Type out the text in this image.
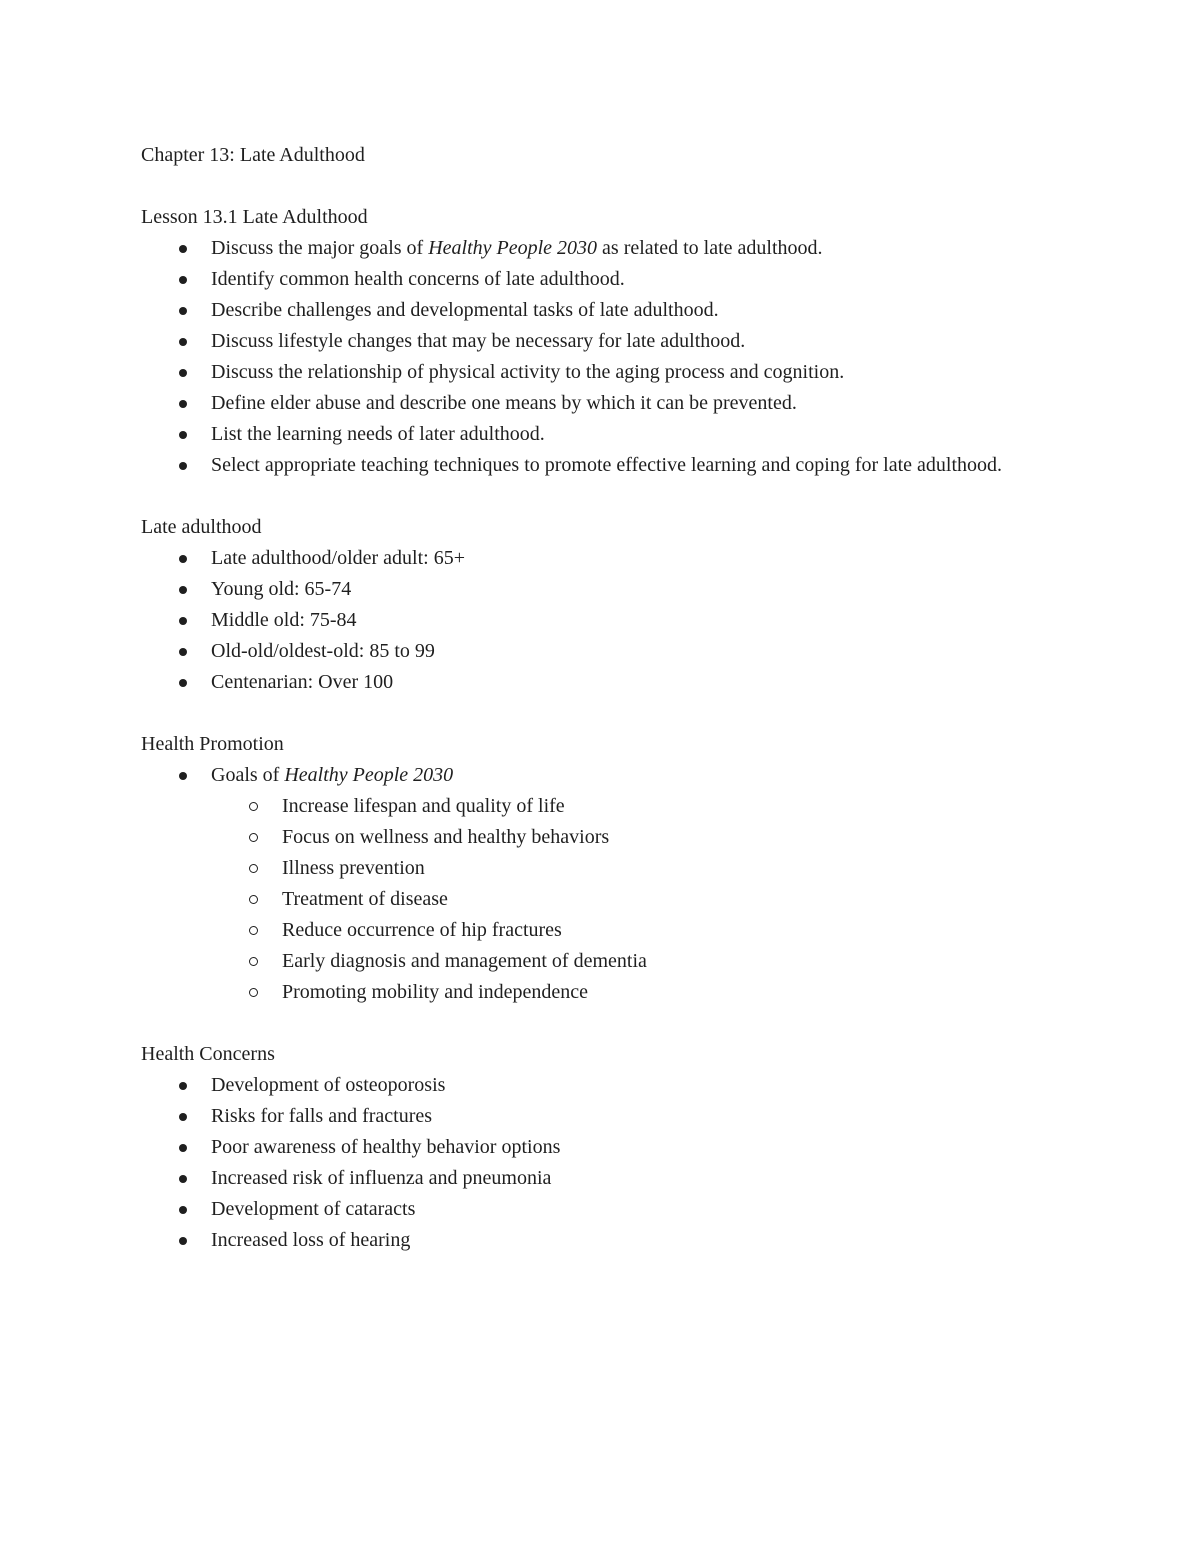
Chapter 13: Late Adulthood
Lesson 13.1 Late Adulthood
Discuss the major goals of Healthy People 2030 as related to late adulthood.
Identify common health concerns of late adulthood.
Describe challenges and developmental tasks of late adulthood.
Discuss lifestyle changes that may be necessary for late adulthood.
Discuss the relationship of physical activity to the aging process and cognition.
Define elder abuse and describe one means by which it can be prevented.
List the learning needs of later adulthood.
Select appropriate teaching techniques to promote effective learning and coping for late adulthood.
Late adulthood
Late adulthood/older adult: 65+
Young old: 65-74
Middle old: 75-84
Old-old/oldest-old: 85 to 99
Centenarian: Over 100
Health Promotion
Goals of Healthy People 2030
Increase lifespan and quality of life
Focus on wellness and healthy behaviors
Illness prevention
Treatment of disease
Reduce occurrence of hip fractures
Early diagnosis and management of dementia
Promoting mobility and independence
Health Concerns
Development of osteoporosis
Risks for falls and fractures
Poor awareness of healthy behavior options
Increased risk of influenza and pneumonia
Development of cataracts
Increased loss of hearing
